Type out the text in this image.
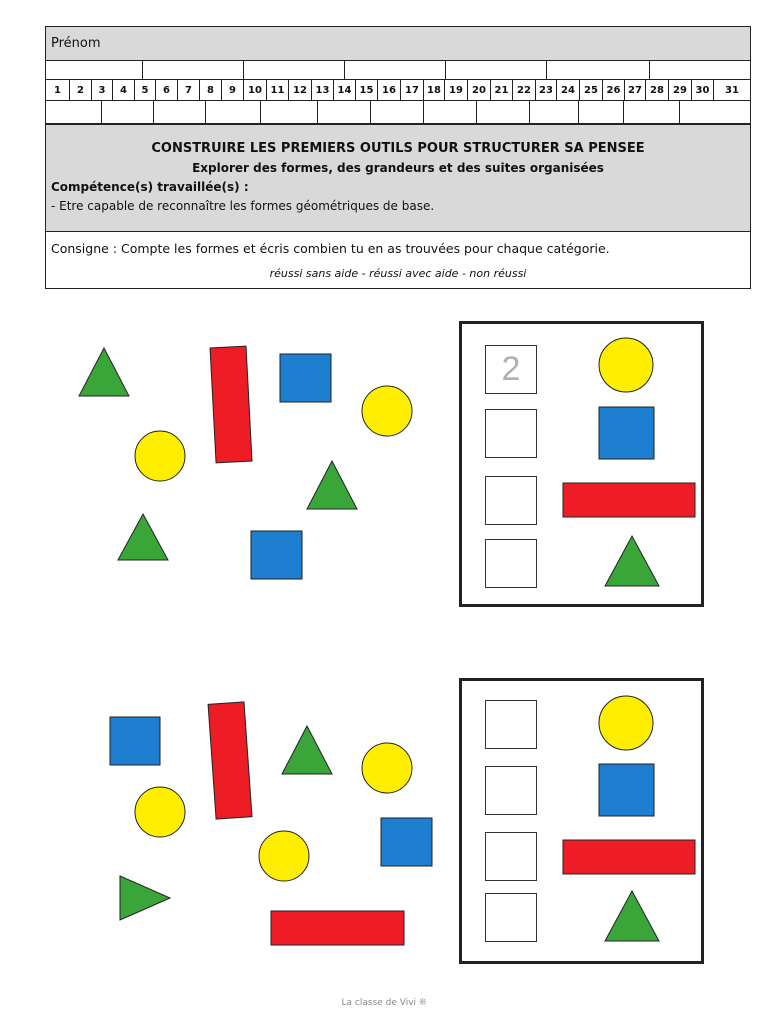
Prénom
1	2	3	4	5	6	7	8	9	10 11 12 13 14 15 16 17 18 19 20 21 22 23 24 25 26 27 28 29 30	31
CONSTRUIRE LES PREMIERS OUTILS POUR STRUCTURER SA PENSEE
Explorer des formes, des grandeurs et des suites organisées
Compétence(s) travaillée(s) :
- Etre capable de reconnaître les formes géométriques de base.
Consigne : Compte les formes et écris combien tu en as trouvées pour chaque catégorie.
réussi sans aide - réussi avec aide - non réussi
2
La classe de Vivi ❊
